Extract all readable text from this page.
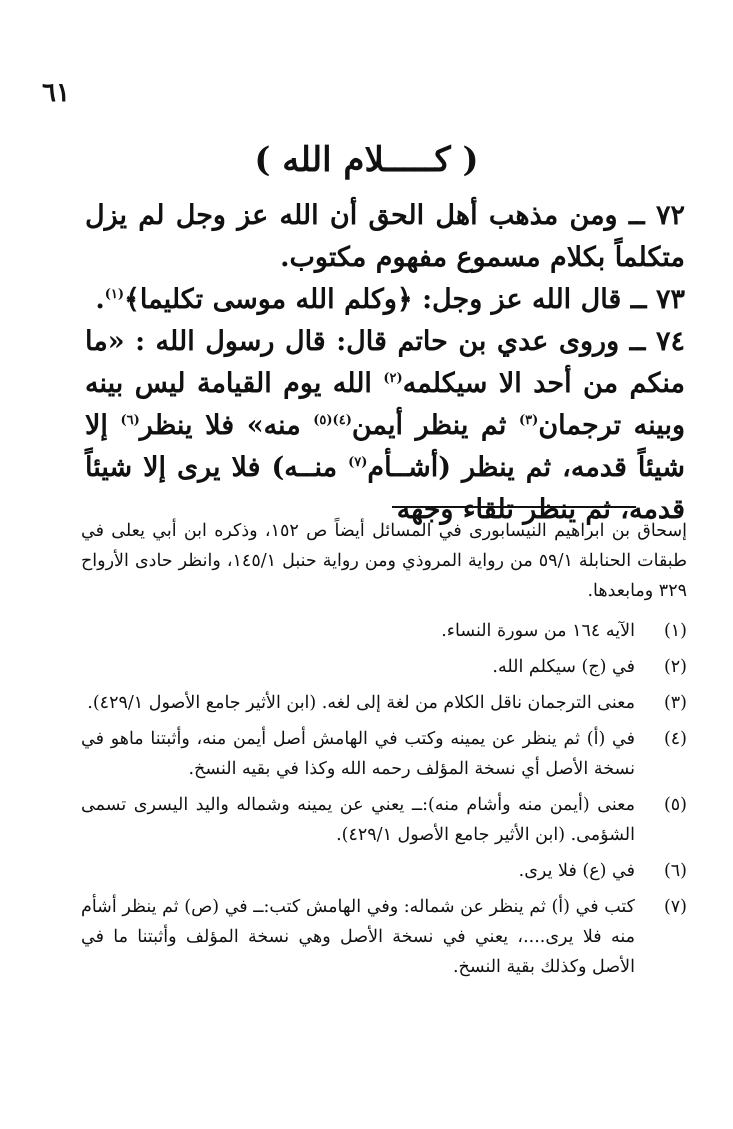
٦١
( كـــــلام الله )

٧٢ ــ ومن مذهب أهل الحق أن الله عز وجل لم يزل متكلماً بكلام مسموع مفهوم مكتوب.

٧٣ ــ قال الله عز وجل: ﴿وكلم الله موسى تكليما﴾$^{(١)}$.

٧٤ ــ وروى عدي بن حاتم قال: قال رسول الله : «ما منكم من أحد الا سيكلمه$^{(٢)}$ الله يوم القيامة ليس بينه وبينه ترجمان$^{(٣)}$ ثم ينظر أيمن$^{(٤)(٥)}$ منه» فلا ينظر$^{(٦)}$ إلا شيئاً قدمه، ثم ينظر (أشــأم$^{(٧)}$ منــه) فلا يرى إلا شيئاً قدمه، ثم ينظر تلقاء وجهه

إسحاق بن ابراهيم النيسابورى في المسائل أيضاً ص ١٥٢، وذكره ابن أبي يعلى في طبقات الحنابلة ٥٩/١ من رواية المروذي ومن رواية حنبل ١٤٥/١، وانظر حادى الأرواح ٣٢٩ ومابعدها.

(١)
الآيه ١٦٤ من سورة النساء.
(٢)
في (ج) سيكلم الله.
(٣)
معنى الترجمان ناقل الكلام من لغة إلى لغه. (ابن الأثير جامع الأصول ٤٢٩/١).
(٤)
في (أ) ثم ينظر عن يمينه وكتب في الهامش أصل أيمن منه، وأثبتنا ماهو في نسخة الأصل أي نسخة المؤلف رحمه الله وكذا في بقيه النسخ.
(٥)
معنى (أيمن منه وأشام منه):ــ يعني عن يمينه وشماله واليد اليسرى تسمى الشؤمى. (ابن الأثير جامع الأصول ٤٢٩/١).
(٦)
في (ع) فلا يرى.
(٧)
كتب في (أ) ثم ينظر عن شماله: وفي الهامش كتب:ــ في (ص) ثم ينظر أشأم منه فلا يرى....، يعني في نسخة الأصل وهي نسخة المؤلف وأثبتنا ما في الأصل وكذلك بقية النسخ.
